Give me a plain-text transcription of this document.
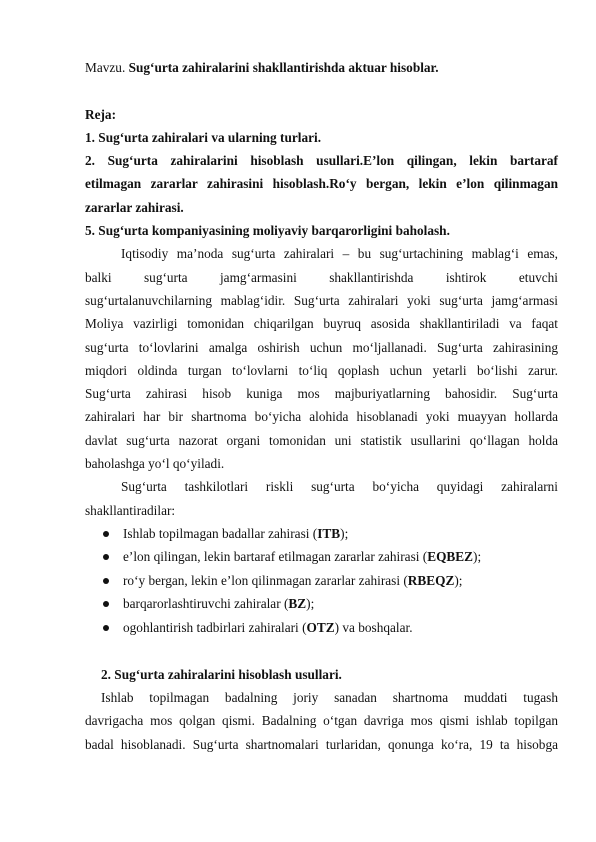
Mavzu. Sug‘urta zahiralarini shakllantirishda aktuar hisoblar.
Reja:
1. Sug‘urta zahiralari va ularning turlari.
2. Sug‘urta zahiralarini hisoblash usullari.E’lon qilingan, lekin bartaraf
etilmagan zararlar zahirasini hisoblash.Ro‘y bergan, lekin e’lon qilinmagan
zararlar zahirasi.
5. Sug‘urta kompaniyasining moliyaviy barqarorligini baholash.
Iqtisodiy ma’noda sug‘urta zahiralari – bu sug‘urtachining mablag‘i emas,
balki sug‘urta jamg‘armasini shakllantirishda ishtirok etuvchi
sug‘urtalanuvchilarning mablag‘idir. Sug‘urta zahiralari yoki sug‘urta jamg‘armasi
Moliya vazirligi tomonidan chiqarilgan buyruq asosida shakllantiriladi va faqat
sug‘urta to‘lovlarini amalga oshirish uchun mo‘ljallanadi. Sug‘urta zahirasining
miqdori oldinda turgan to‘lovlarni to‘liq qoplash uchun yetarli bo‘lishi zarur.
Sug‘urta zahirasi hisob kuniga mos majburiyatlarning bahosidir. Sug‘urta
zahiralari har bir shartnoma bo‘yicha alohida hisoblanadi yoki muayyan hollarda
davlat sug‘urta nazorat organi tomonidan uni statistik usullarini qo‘llagan holda
baholashga yo‘l qo‘yiladi.
Sug‘urta tashkilotlari riskli sug‘urta bo‘yicha quyidagi zahiralarni
shakllantiradilar:
Ishlab topilmagan badallar zahirasi (ITB);
e’lon qilingan, lekin bartaraf etilmagan zararlar zahirasi (EQBEZ);
ro‘y bergan, lekin e’lon qilinmagan zararlar zahirasi (RBEQZ);
barqarorlashtiruvchi zahiralar (BZ);
ogohlantirish tadbirlari zahiralari (OTZ) va boshqalar.
2. Sug‘urta zahiralarini hisoblash usullari.
Ishlab topilmagan badalning joriy sanadan shartnoma muddati tugash
davrigacha mos qolgan qismi. Badalning o‘tgan davriga mos qismi ishlab topilgan
badal hisoblanadi. Sug‘urta shartnomalari turlaridan, qonunga ko‘ra, 19 ta hisobga
